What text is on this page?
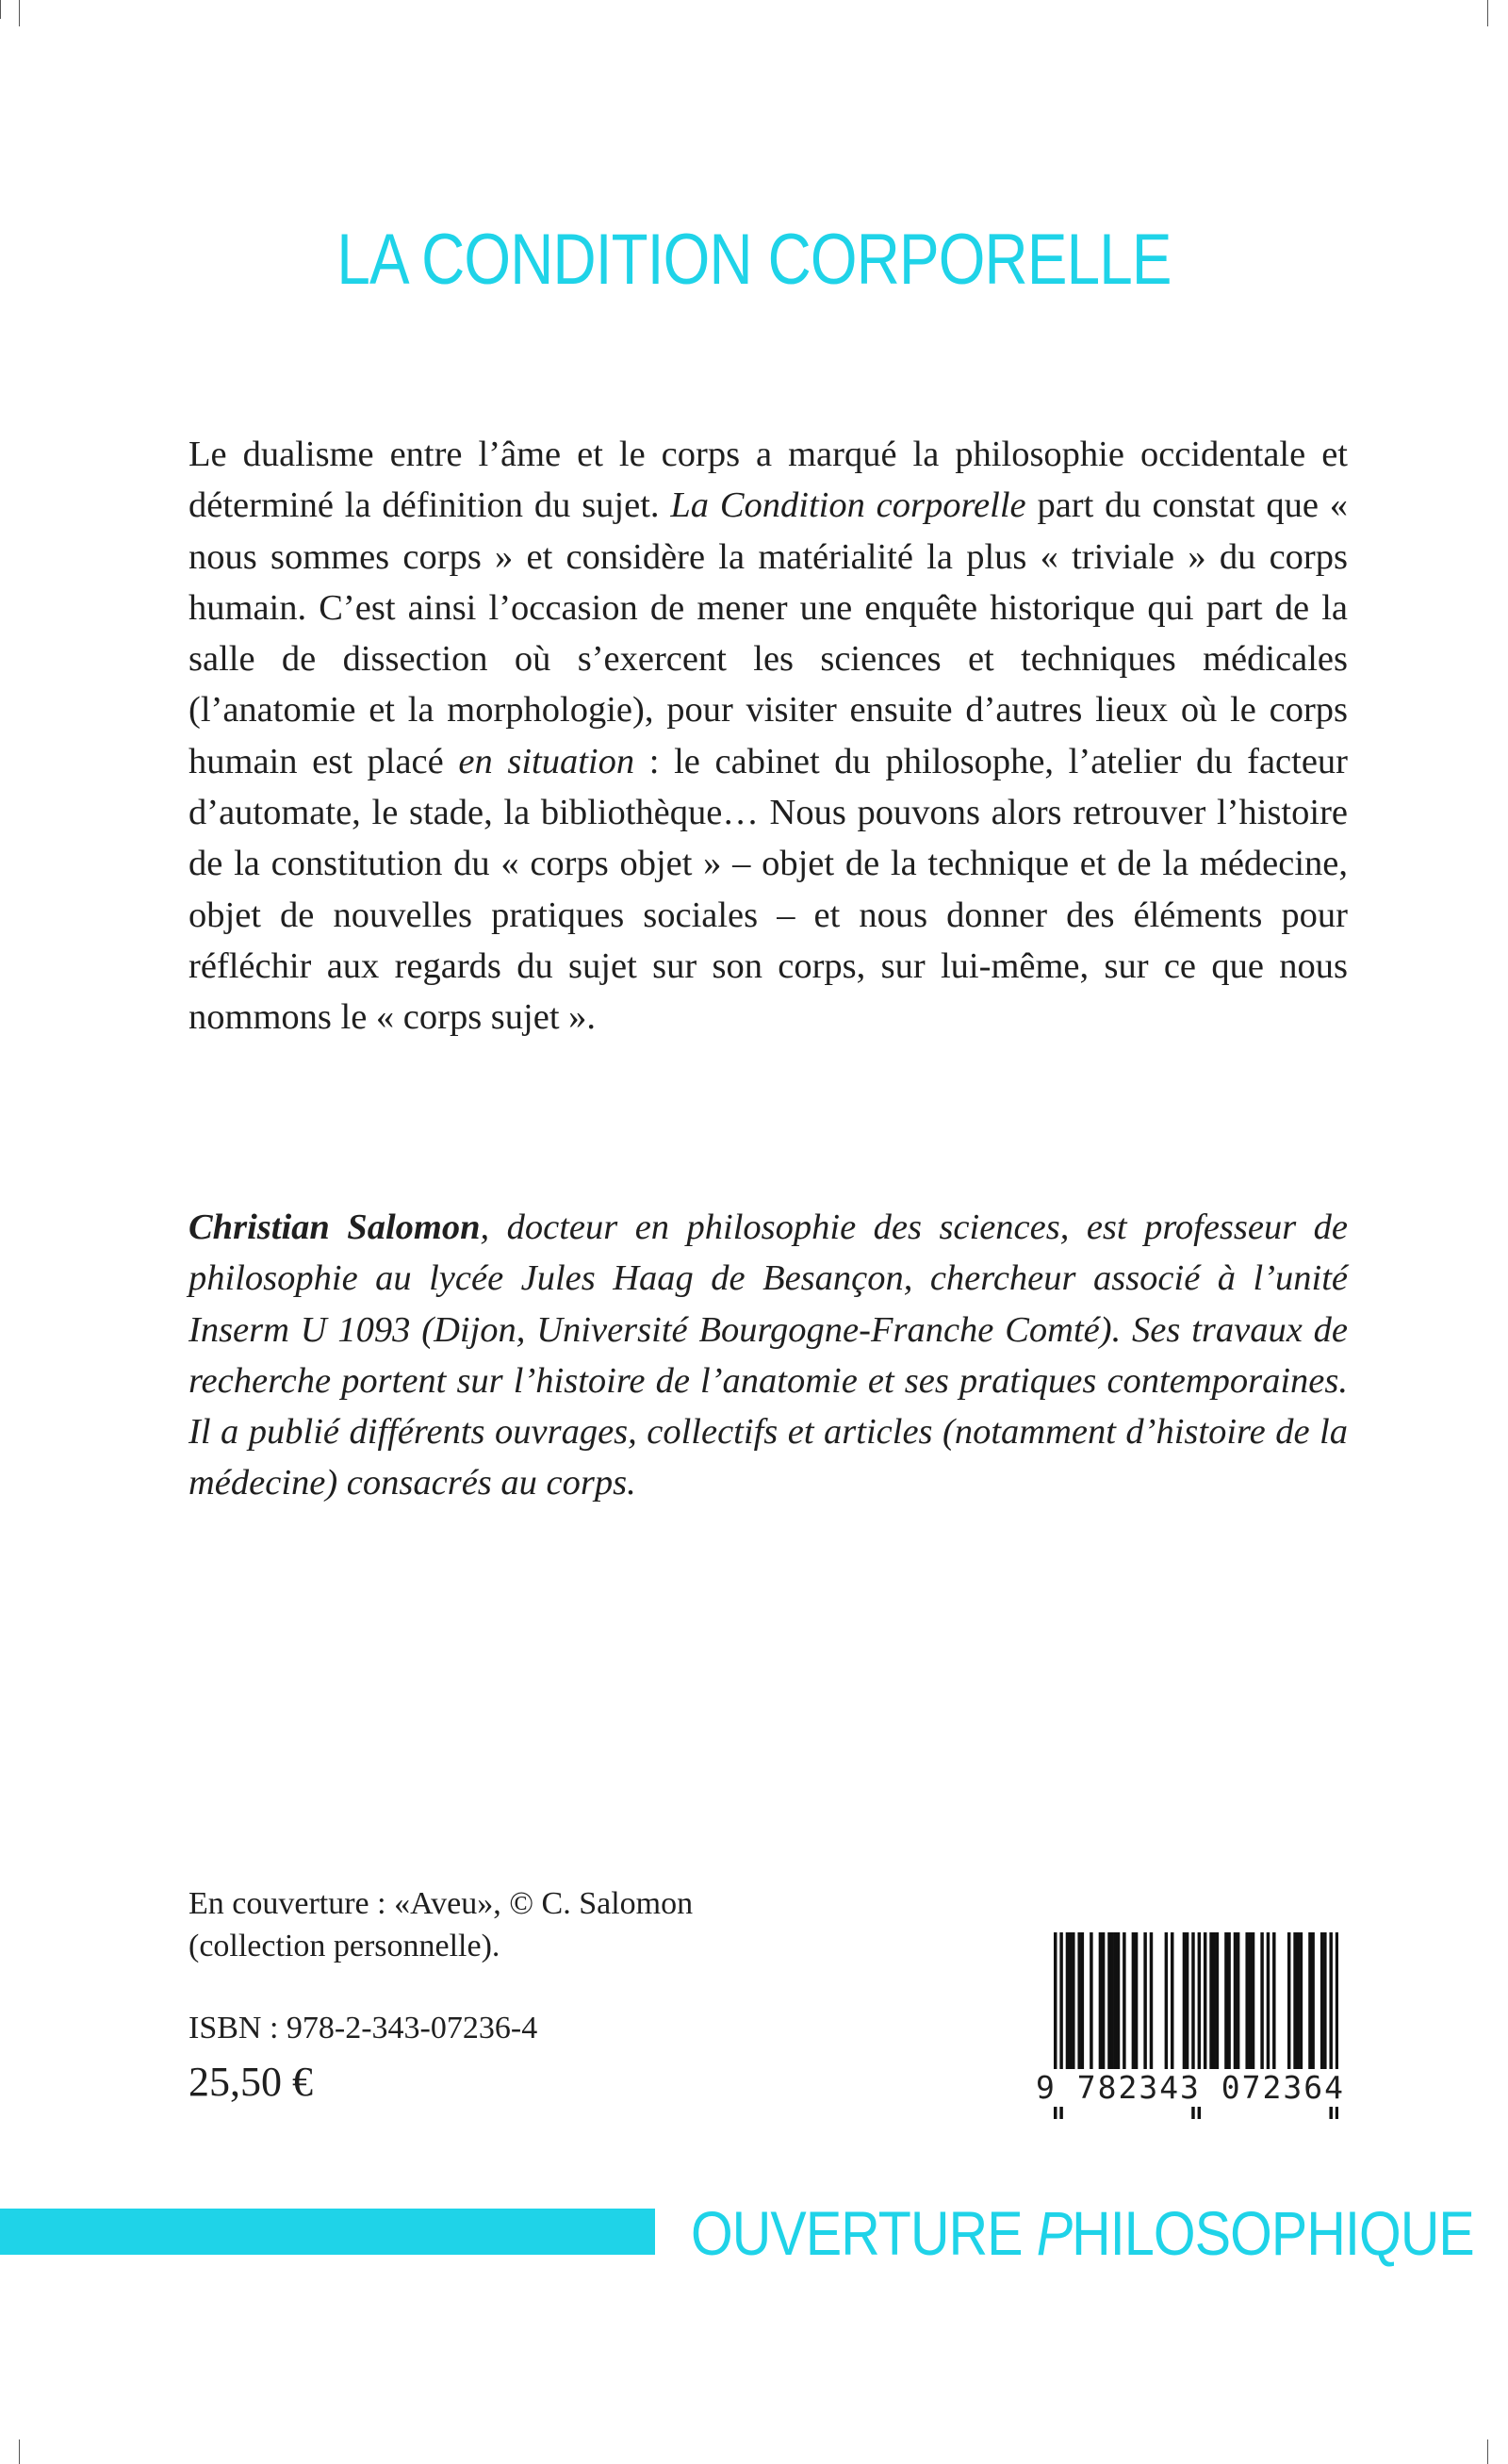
LA CONDITION CORPORELLE

Le dualisme entre l’âme et le corps a marqué la philosophie occidentale et déterminé la définition du sujet. La Condition corporelle part du constat que « nous sommes corps » et considère la matérialité la plus « triviale » du corps humain. C’est ainsi l’occasion de mener une enquête historique qui part de la salle de dissection où s’exercent les sciences et techniques médicales (l’anatomie et la morphologie), pour visiter ensuite d’autres lieux où le corps humain est placé en situation : le cabinet du philosophe, l’atelier du facteur d’automate, le stade, la bibliothèque… Nous pouvons alors retrouver l’histoire de la constitution du « corps objet » – objet de la technique et de la médecine, objet de nouvelles pratiques sociales – et nous donner des éléments pour réfléchir aux regards du sujet sur son corps, sur lui-même, sur ce que nous nommons le « corps sujet ».

Christian Salomon, docteur en philosophie des sciences, est professeur de philosophie au lycée Jules Haag de Besançon, chercheur associé à l’unité Inserm U 1093 (Dijon, Université Bourgogne-Franche Comté). Ses travaux de recherche portent sur l’histoire de l’anatomie et ses pratiques contemporaines. Il a publié différents ouvrages, collectifs et articles (notamment d’histoire de la médecine) consacrés au corps.

En couverture : «Aveu», © C. Salomon
(collection personnelle).

ISBN : 978-2-343-07236-4

25,50 €	9 782343 072364

OUVERTURE PHILOSOPHIQUE
